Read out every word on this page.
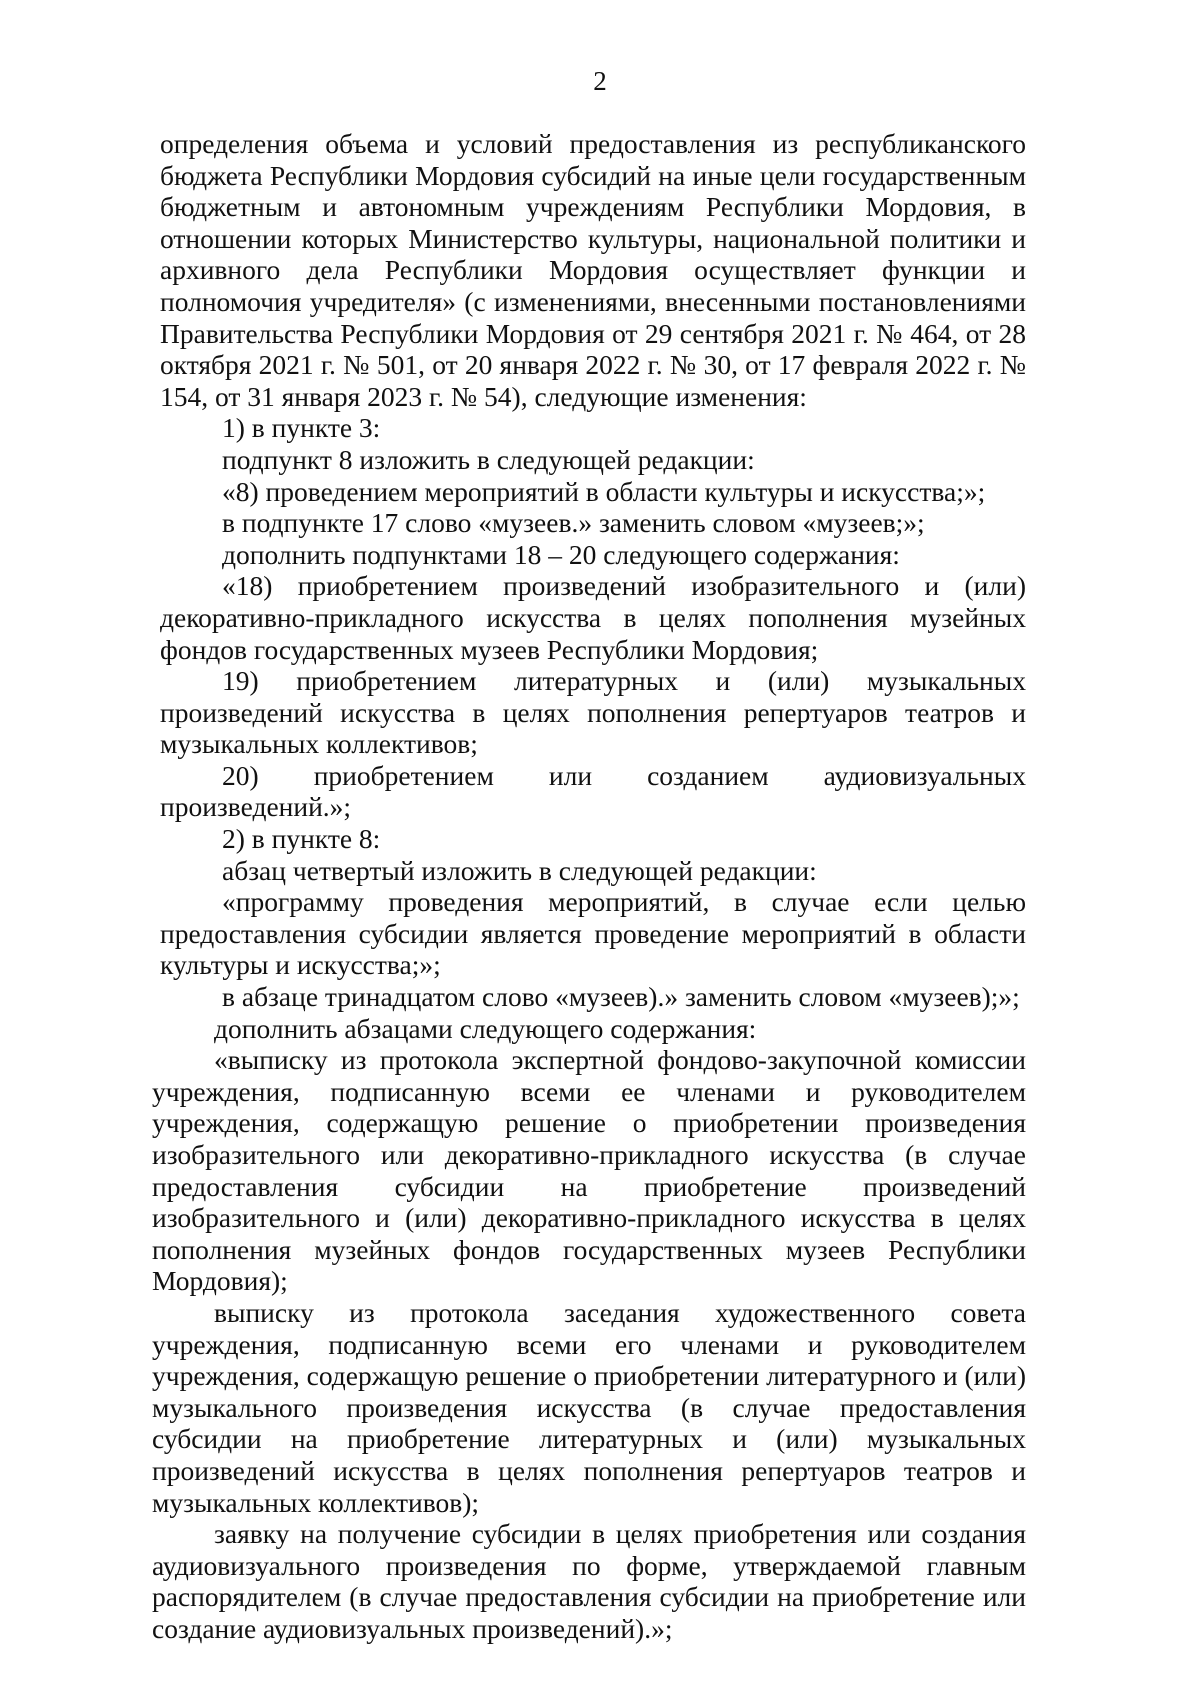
2

определения объема и условий предоставления из республиканского бюджета Республики Мордовия субсидий на иные цели государственным бюджетным и автономным учреждениям Республики Мордовия, в отношении которых Министерство культуры, национальной политики и архивного дела Республики Мордовия осуществляет функции и полномочия учредителя» (с изменениями, внесенными постановлениями Правительства Республики Мордовия от 29 сентября 2021 г. № 464, от 28 октября 2021 г. № 501, от 20 января 2022 г. № 30, от 17 февраля 2022 г. № 154, от 31 января 2023 г. № 54), следующие изменения:

1) в пункте 3:

подпункт 8 изложить в следующей редакции:

«8) проведением мероприятий в области культуры и искусства;»;

в подпункте 17 слово «музеев.» заменить словом «музеев;»;

дополнить подпунктами 18 – 20 следующего содержания:

«18) приобретением произведений изобразительного и (или) декоративно-прикладного искусства в целях пополнения музейных фондов государственных музеев Республики Мордовия;

19) приобретением литературных и (или) музыкальных произведений искусства в целях пополнения репертуаров театров и музыкальных коллективов;

20) приобретением или созданием аудиовизуальных произведений.»;

2) в пункте 8:

абзац четвертый изложить в следующей редакции:

«программу проведения мероприятий, в случае если целью предоставления субсидии является проведение мероприятий в области культуры и искусства;»;

в абзаце тринадцатом слово «музеев).» заменить словом «музеев);»;

дополнить абзацами следующего содержания:

«выписку из протокола экспертной фондово-закупочной комиссии учреждения, подписанную всеми ее членами и руководителем учреждения, содержащую решение о приобретении произведения изобразительного или декоративно-прикладного искусства (в случае предоставления субсидии на приобретение произведений изобразительного и (или) декоративно-прикладного искусства в целях пополнения музейных фондов государственных музеев Республики Мордовия);

выписку из протокола заседания художественного совета учреждения, подписанную всеми его членами и руководителем учреждения, содержащую решение о приобретении литературного и (или) музыкального произведения искусства (в случае предоставления субсидии на приобретение литературных и (или) музыкальных произведений искусства в целях пополнения репертуаров театров и музыкальных коллективов);

заявку на получение субсидии в целях приобретения или создания аудиовизуального произведения по форме, утверждаемой главным распорядителем (в случае предоставления субсидии на приобретение или создание аудиовизуальных произведений).»;
